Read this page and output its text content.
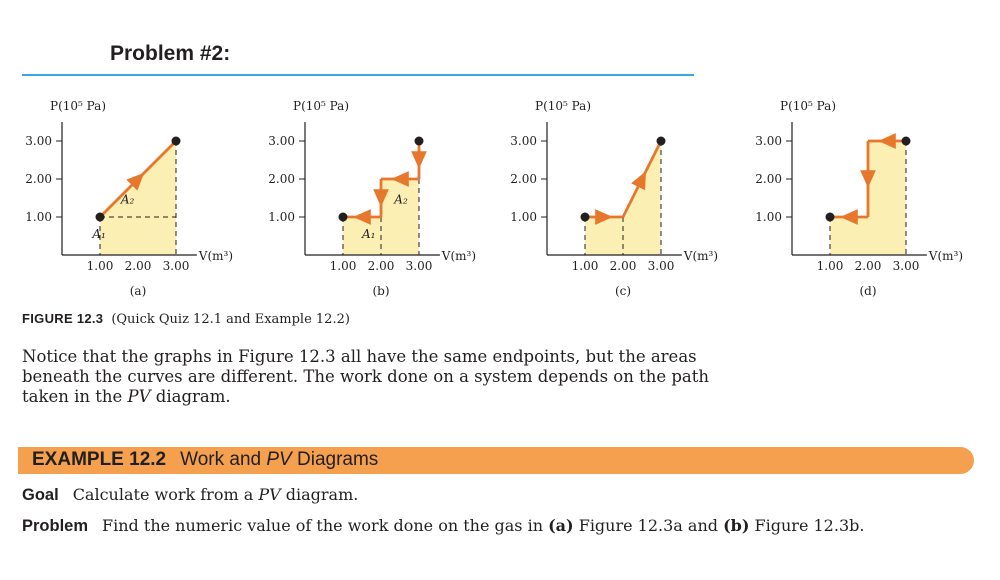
Problem #2:
1.00
2.00
3.00
1.00 2.00 3.00
P(10⁵ Pa)
V(m³)
(a)
A₁
A₂
1.00
2.00
3.00
1.00 2.00 3.00
P(10⁵ Pa)
V(m³)
(b)
A₁
A₂
1.00
2.00
3.00
1.00 2.00 3.00
P(10⁵ Pa)
V(m³)
(c)
1.00
2.00
3.00
1.00 2.00 3.00
P(10⁵ Pa)
V(m³)
(d)
FIGURE 12.3 (Quick Quiz 12.1 and Example 12.2)
Notice that the graphs in Figure 12.3 all have the same endpoints, but the areas
beneath the curves are different. The work done on a system depends on the path
taken in the PV diagram.
EXAMPLE 12.2 Work and PV Diagrams
Goal Calculate work from a PV diagram.
Problem Find the numeric value of the work done on the gas in (a) Figure 12.3a and (b) Figure 12.3b.
